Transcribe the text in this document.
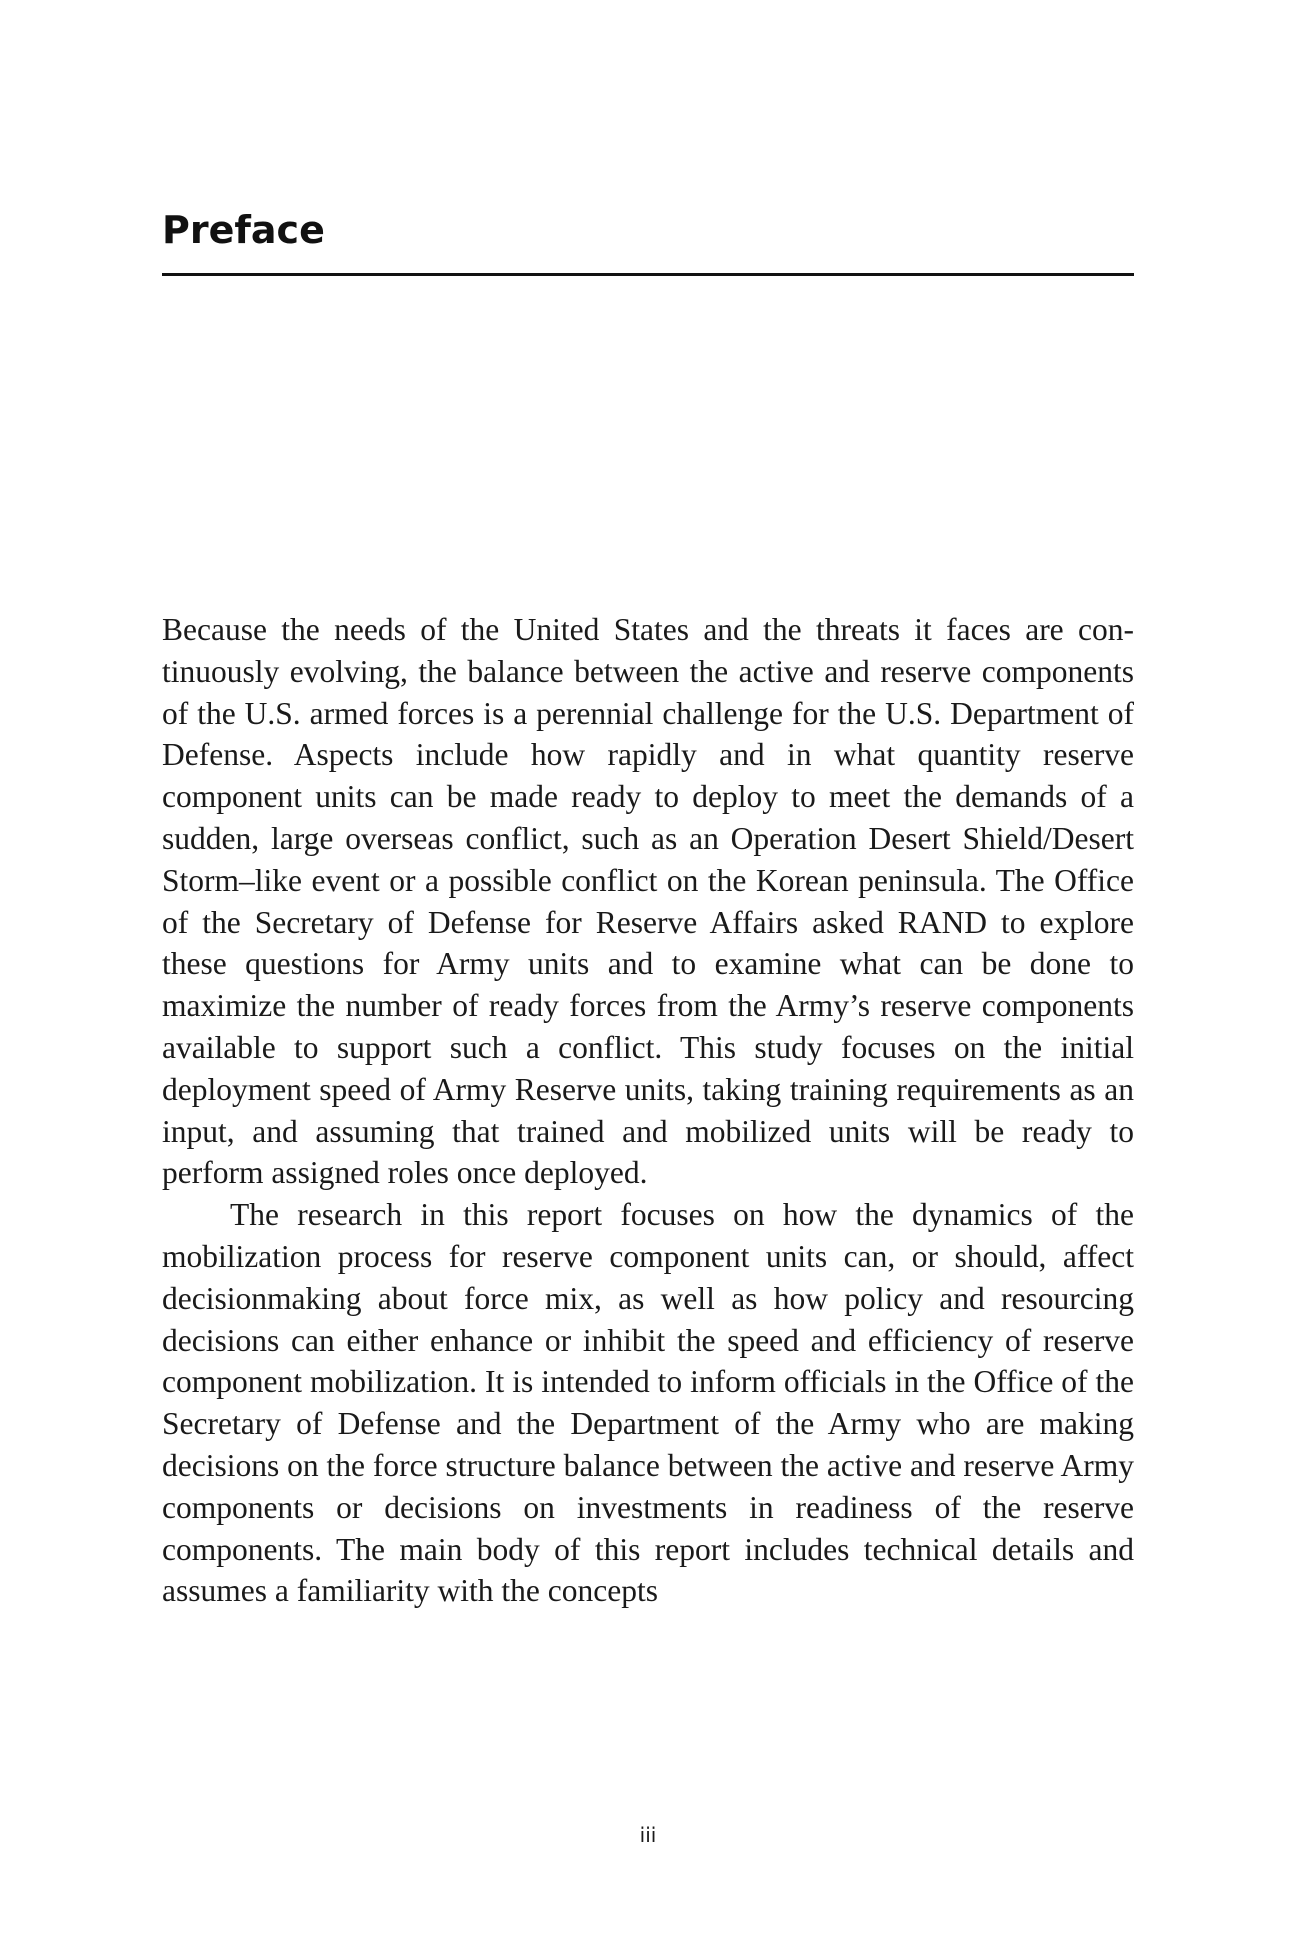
Preface

Because the needs of the United States and the threats it faces are continuously evolving, the balance between the active and reserve components of the U.S. armed forces is a perennial challenge for the U.S. Department of Defense. Aspects include how rapidly and in what quantity reserve component units can be made ready to deploy to meet the demands of a sudden, large overseas conflict, such as an Operation Desert Shield/Desert Storm–like event or a possible conflict on the Korean peninsula. The Office of the Secretary of Defense for Reserve Affairs asked RAND to explore these questions for Army units and to examine what can be done to maximize the number of ready forces from the Army’s reserve components available to support such a conflict. This study focuses on the initial deployment speed of Army Reserve units, taking training requirements as an input, and assuming that trained and mobilized units will be ready to perform assigned roles once deployed.

The research in this report focuses on how the dynamics of the mobilization process for reserve component units can, or should, affect decisionmaking about force mix, as well as how policy and resourcing decisions can either enhance or inhibit the speed and efficiency of reserve component mobilization. It is intended to inform officials in the Office of the Secretary of Defense and the Department of the Army who are making decisions on the force structure balance between the active and reserve Army components or decisions on investments in readiness of the reserve components. The main body of this report includes technical details and assumes a familiarity with the concepts

iii
